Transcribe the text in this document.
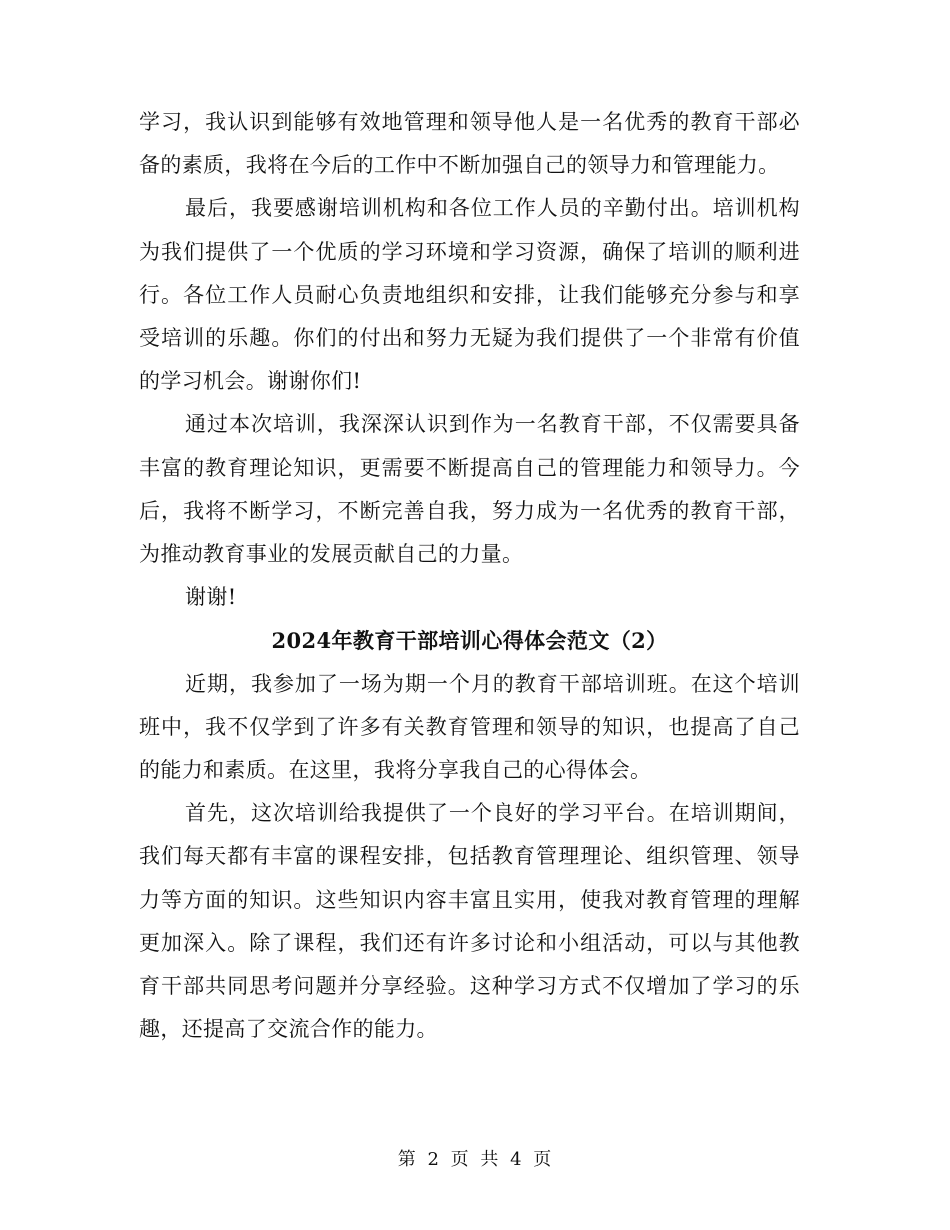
学习，我认识到能够有效地管理和领导他人是一名优秀的教育干部必备的素质，我将在今后的工作中不断加强自己的领导力和管理能力。

最后，我要感谢培训机构和各位工作人员的辛勤付出。培训机构为我们提供了一个优质的学习环境和学习资源，确保了培训的顺利进行。各位工作人员耐心负责地组织和安排，让我们能够充分参与和享受培训的乐趣。你们的付出和努力无疑为我们提供了一个非常有价值的学习机会。谢谢你们!

通过本次培训，我深深认识到作为一名教育干部，不仅需要具备丰富的教育理论知识，更需要不断提高自己的管理能力和领导力。今后，我将不断学习，不断完善自我，努力成为一名优秀的教育干部，为推动教育事业的发展贡献自己的力量。

谢谢!

2024年教育干部培训心得体会范文（2）

近期，我参加了一场为期一个月的教育干部培训班。在这个培训班中，我不仅学到了许多有关教育管理和领导的知识，也提高了自己的能力和素质。在这里，我将分享我自己的心得体会。

首先，这次培训给我提供了一个良好的学习平台。在培训期间，我们每天都有丰富的课程安排，包括教育管理理论、组织管理、领导力等方面的知识。这些知识内容丰富且实用，使我对教育管理的理解更加深入。除了课程，我们还有许多讨论和小组活动，可以与其他教育干部共同思考问题并分享经验。这种学习方式不仅增加了学习的乐趣，还提高了交流合作的能力。

第 2 页 共 4 页
